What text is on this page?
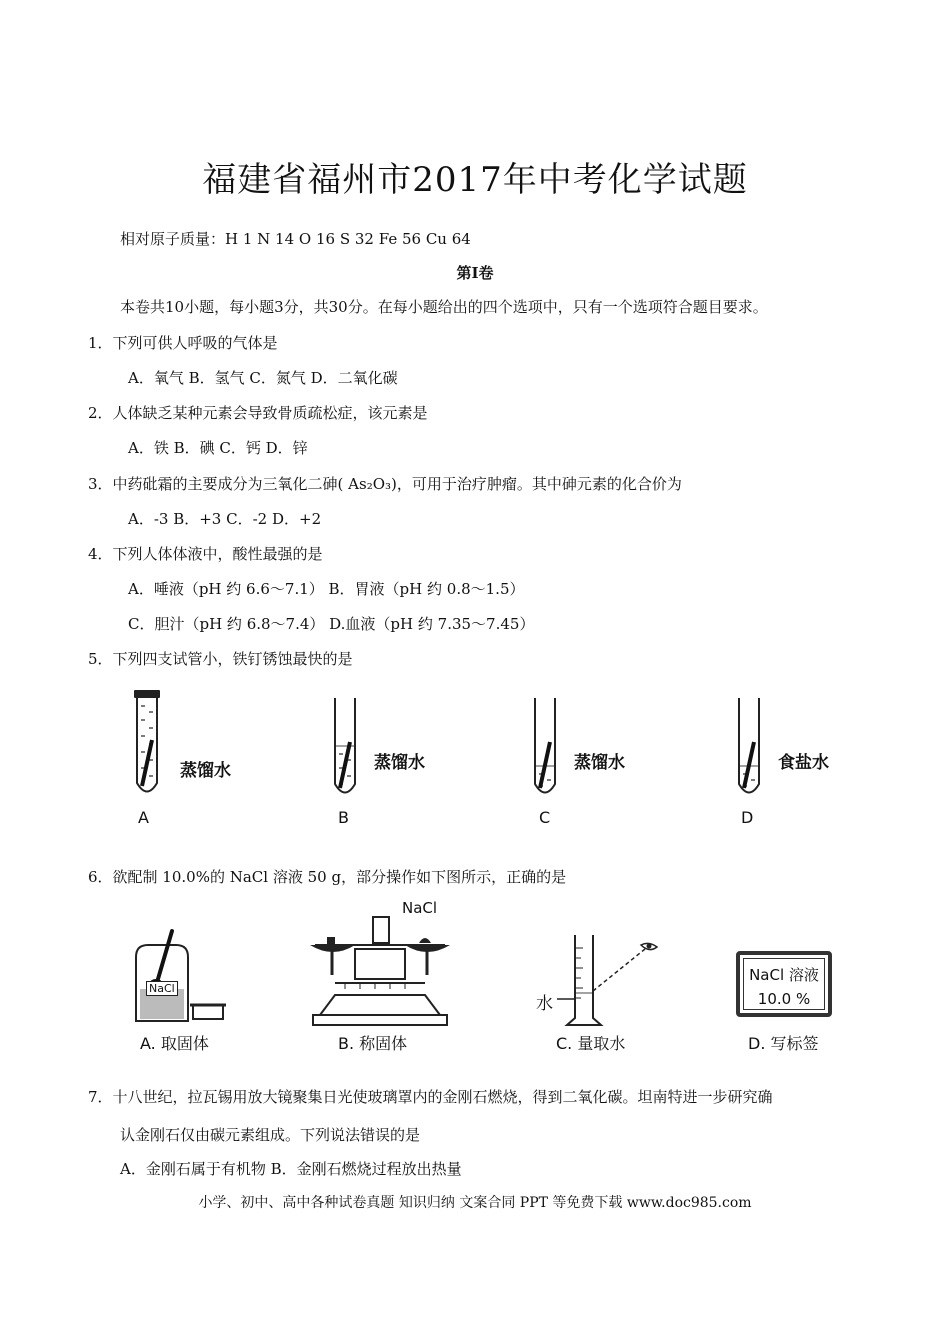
福建省福州市2017年中考化学试题
相对原子质量：H 1 N 14 O 16 S 32 Fe 56 Cu 64
第I卷
本卷共10小题，每小题3分，共30分。在每小题给出的四个选项中，只有一个选项符合题目要求。
1．下列可供人呼吸的气体是
A．氧气 B．氢气 C．氮气 D．二氧化碳
2．人体缺乏某种元素会导致骨质疏松症，该元素是
A．铁 B．碘 C．钙 D．锌
3．中药砒霜的主要成分为三氧化二砷( As₂O₃)，可用于治疗肿瘤。其中砷元素的化合价为
A．-3 B．+3 C．-2 D．+2
4．下列人体体液中，酸性最强的是
A．唾液（pH 约 6.6～7.1） B．胃液（pH 约 0.8～1.5）
C．胆汁（pH 约 6.8～7.4） D.血液（pH 约 7.35～7.45）
5．下列四支试管小，铁钉锈蚀最快的是
蒸馏水
A
蒸馏水
B
蒸馏水
C
食盐水
D
6．欲配制 10.0%的 NaCl 溶液 50 g，部分操作如下图所示，正确的是
NaCl
A. 取固体
NaCl
B. 称固体
水
C. 量取水
NaCl 溶液
10.0 %
D. 写标签
7．十八世纪，拉瓦锡用放大镜聚集日光使玻璃罩内的金刚石燃烧，得到二氧化碳。坦南特进一步研究确
认金刚石仅由碳元素组成。下列说法错误的是
A．金刚石属于有机物 B．金刚石燃烧过程放出热量
小学、初中、高中各种试卷真题 知识归纳 文案合同 PPT 等免费下载 www.doc985.com
